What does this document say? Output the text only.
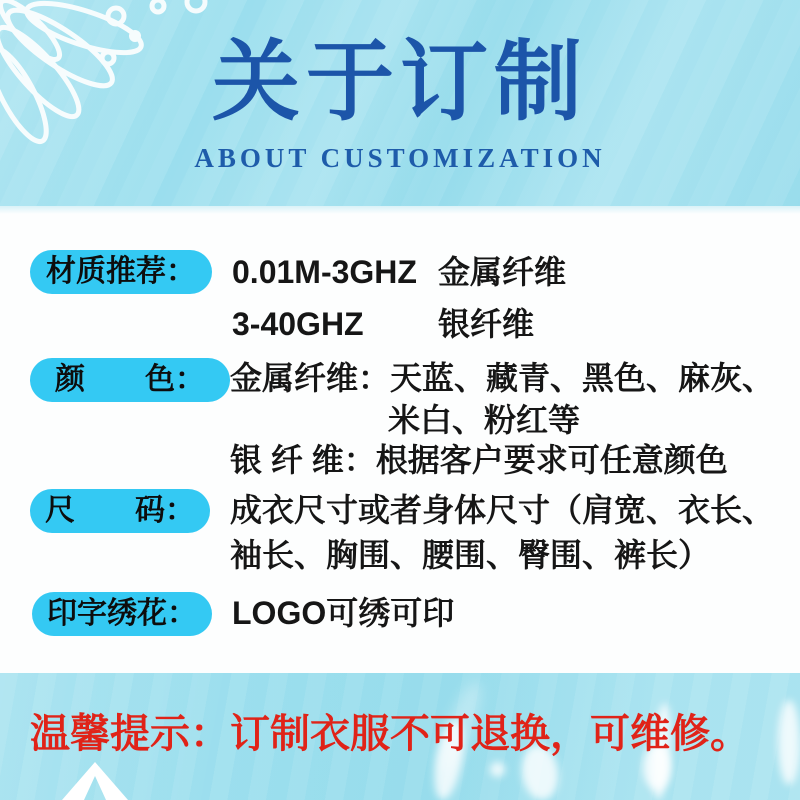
关于订制
ABOUT CUSTOMIZATION
材质推荐：	0.01M-3GHZ 金属纤维
3-40GHZ 银纤维
颜　　色： 金属纤维：天蓝、藏青、黑色、麻灰、
米白、粉红等
银 纤 维：根据客户要求可任意颜色
尺　　码：	成衣尺寸或者身体尺寸（肩宽、衣长、
袖长、胸围、腰围、臀围、裤长）
印字绣花：	LOGO可绣可印
温馨提示：订制衣服不可退换，可维修。
